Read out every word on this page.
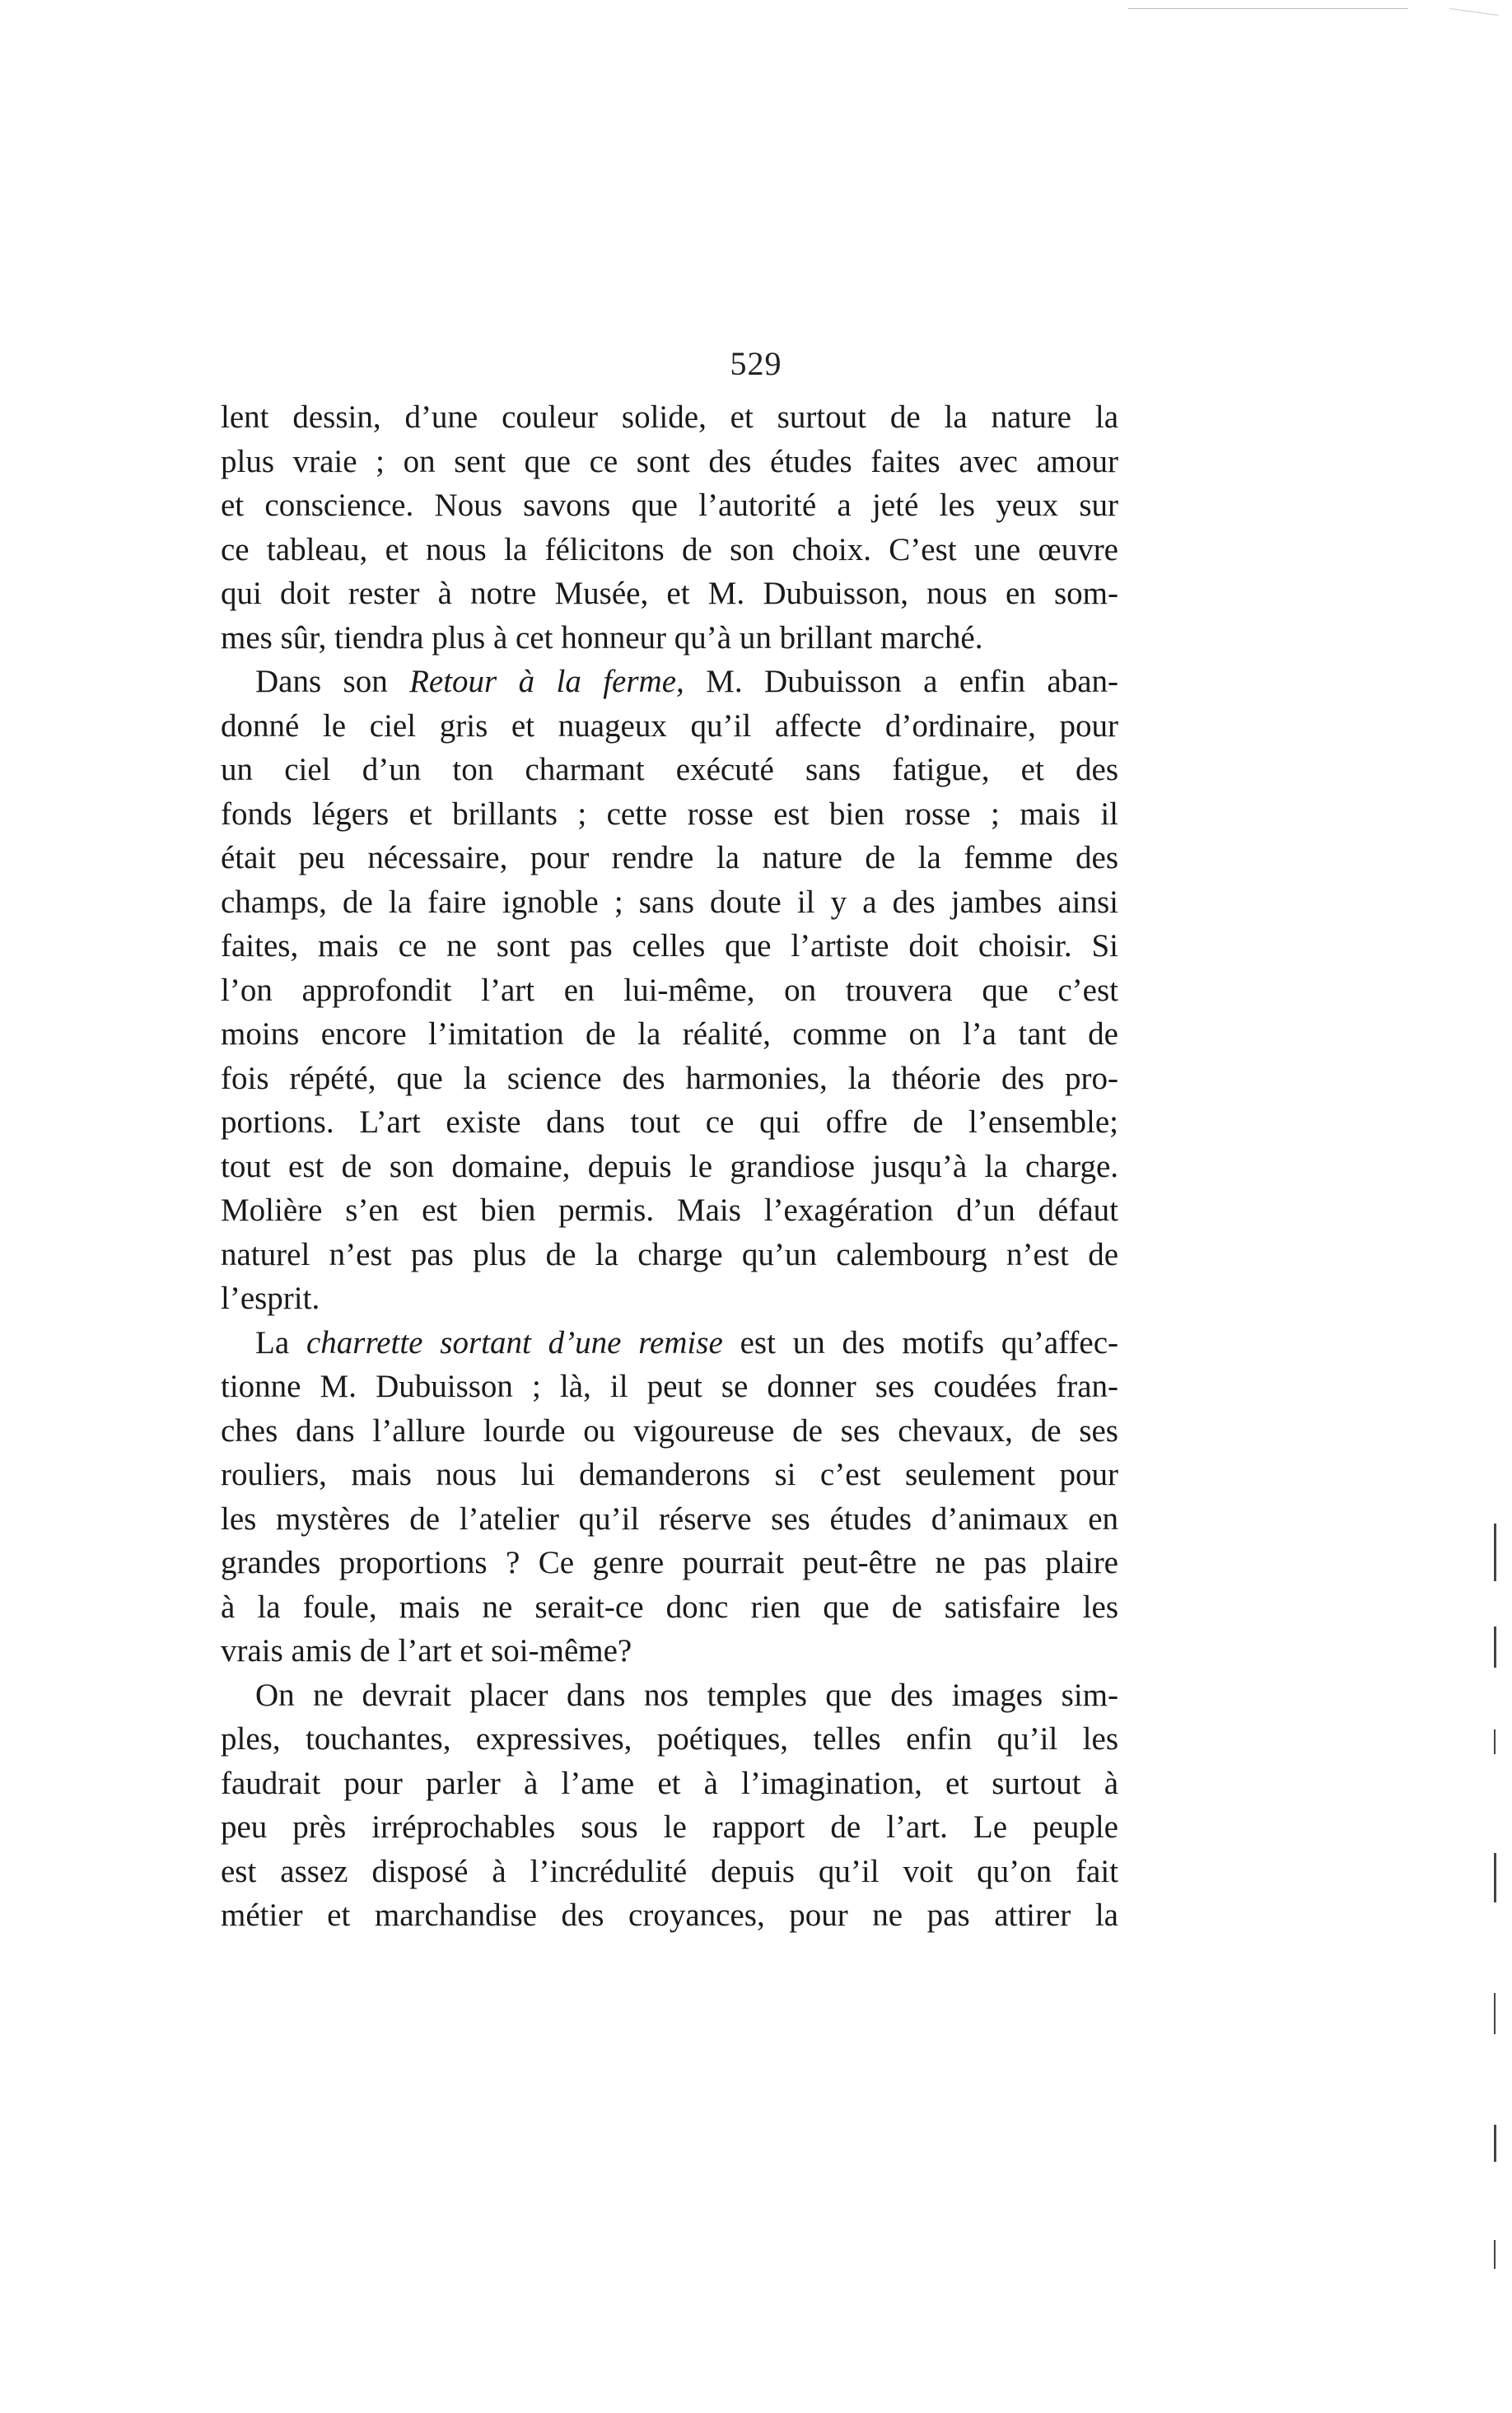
529
lent dessin, d’une couleur solide, et surtout de la nature la
plus vraie ; on sent que ce sont des études faites avec amour
et conscience. Nous savons que l’autorité a jeté les yeux sur
ce tableau, et nous la félicitons de son choix. C’est une œuvre
qui doit rester à notre Musée, et M. Dubuisson, nous en som-
mes sûr, tiendra plus à cet honneur qu’à un brillant marché.
Dans son Retour à la ferme, M. Dubuisson a enfin aban-
donné le ciel gris et nuageux qu’il affecte d’ordinaire, pour
un ciel d’un ton charmant exécuté sans fatigue, et des
fonds légers et brillants ; cette rosse est bien rosse ; mais il
était peu nécessaire, pour rendre la nature de la femme des
champs, de la faire ignoble ; sans doute il y a des jambes ainsi
faites, mais ce ne sont pas celles que l’artiste doit choisir. Si
l’on approfondit l’art en lui-même, on trouvera que c’est
moins encore l’imitation de la réalité, comme on l’a tant de
fois répété, que la science des harmonies, la théorie des pro-
portions. L’art existe dans tout ce qui offre de l’ensemble;
tout est de son domaine, depuis le grandiose jusqu’à la charge.
Molière s’en est bien permis. Mais l’exagération d’un défaut
naturel n’est pas plus de la charge qu’un calembourg n’est de
l’esprit.
La charrette sortant d’une remise est un des motifs qu’affec-
tionne M. Dubuisson ; là, il peut se donner ses coudées fran-
ches dans l’allure lourde ou vigoureuse de ses chevaux, de ses
rouliers, mais nous lui demanderons si c’est seulement pour
les mystères de l’atelier qu’il réserve ses études d’animaux en
grandes proportions ? Ce genre pourrait peut-être ne pas plaire
à la foule, mais ne serait-ce donc rien que de satisfaire les
vrais amis de l’art et soi-même?
On ne devrait placer dans nos temples que des images sim-
ples, touchantes, expressives, poétiques, telles enfin qu’il les
faudrait pour parler à l’ame et à l’imagination, et surtout à
peu près irréprochables sous le rapport de l’art. Le peuple
est assez disposé à l’incrédulité depuis qu’il voit qu’on fait
métier et marchandise des croyances, pour ne pas attirer la
